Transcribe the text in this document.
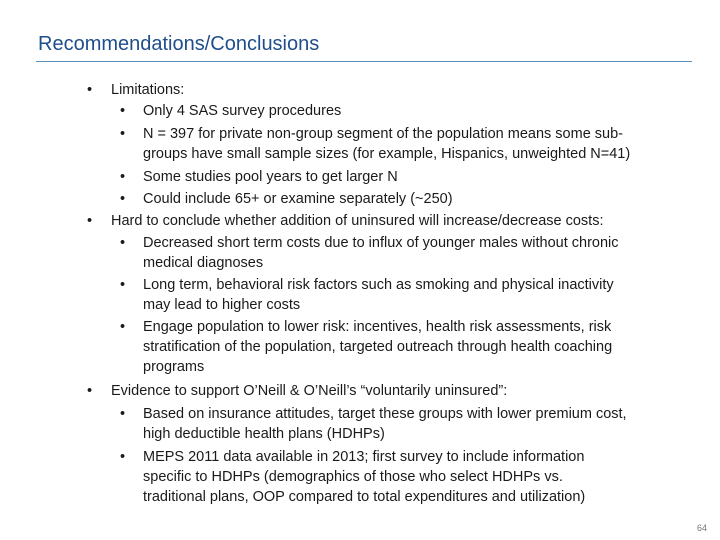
Recommendations/Conclusions
• Limitations:
• Only 4 SAS survey procedures
• N = 397 for private non-group segment of the population means some sub-
groups have small sample sizes (for example, Hispanics, unweighted N=41)
• Some studies pool years to get larger N
• Could include 65+ or examine separately (~250)
• Hard to conclude whether addition of uninsured will increase/decrease costs:
• Decreased short term costs due to influx of younger males without chronic
medical diagnoses
• Long term, behavioral risk factors such as smoking and physical inactivity
may lead to higher costs
• Engage population to lower risk: incentives, health risk assessments, risk
stratification of the population, targeted outreach through health coaching
programs
• Evidence to support O’Neill & O’Neill’s “voluntarily uninsured”:
• Based on insurance attitudes, target these groups with lower premium cost,
high deductible health plans (HDHPs)
• MEPS 2011 data available in 2013; first survey to include information
specific to HDHPs (demographics of those who select HDHPs vs.
traditional plans, OOP compared to total expenditures and utilization)
64
